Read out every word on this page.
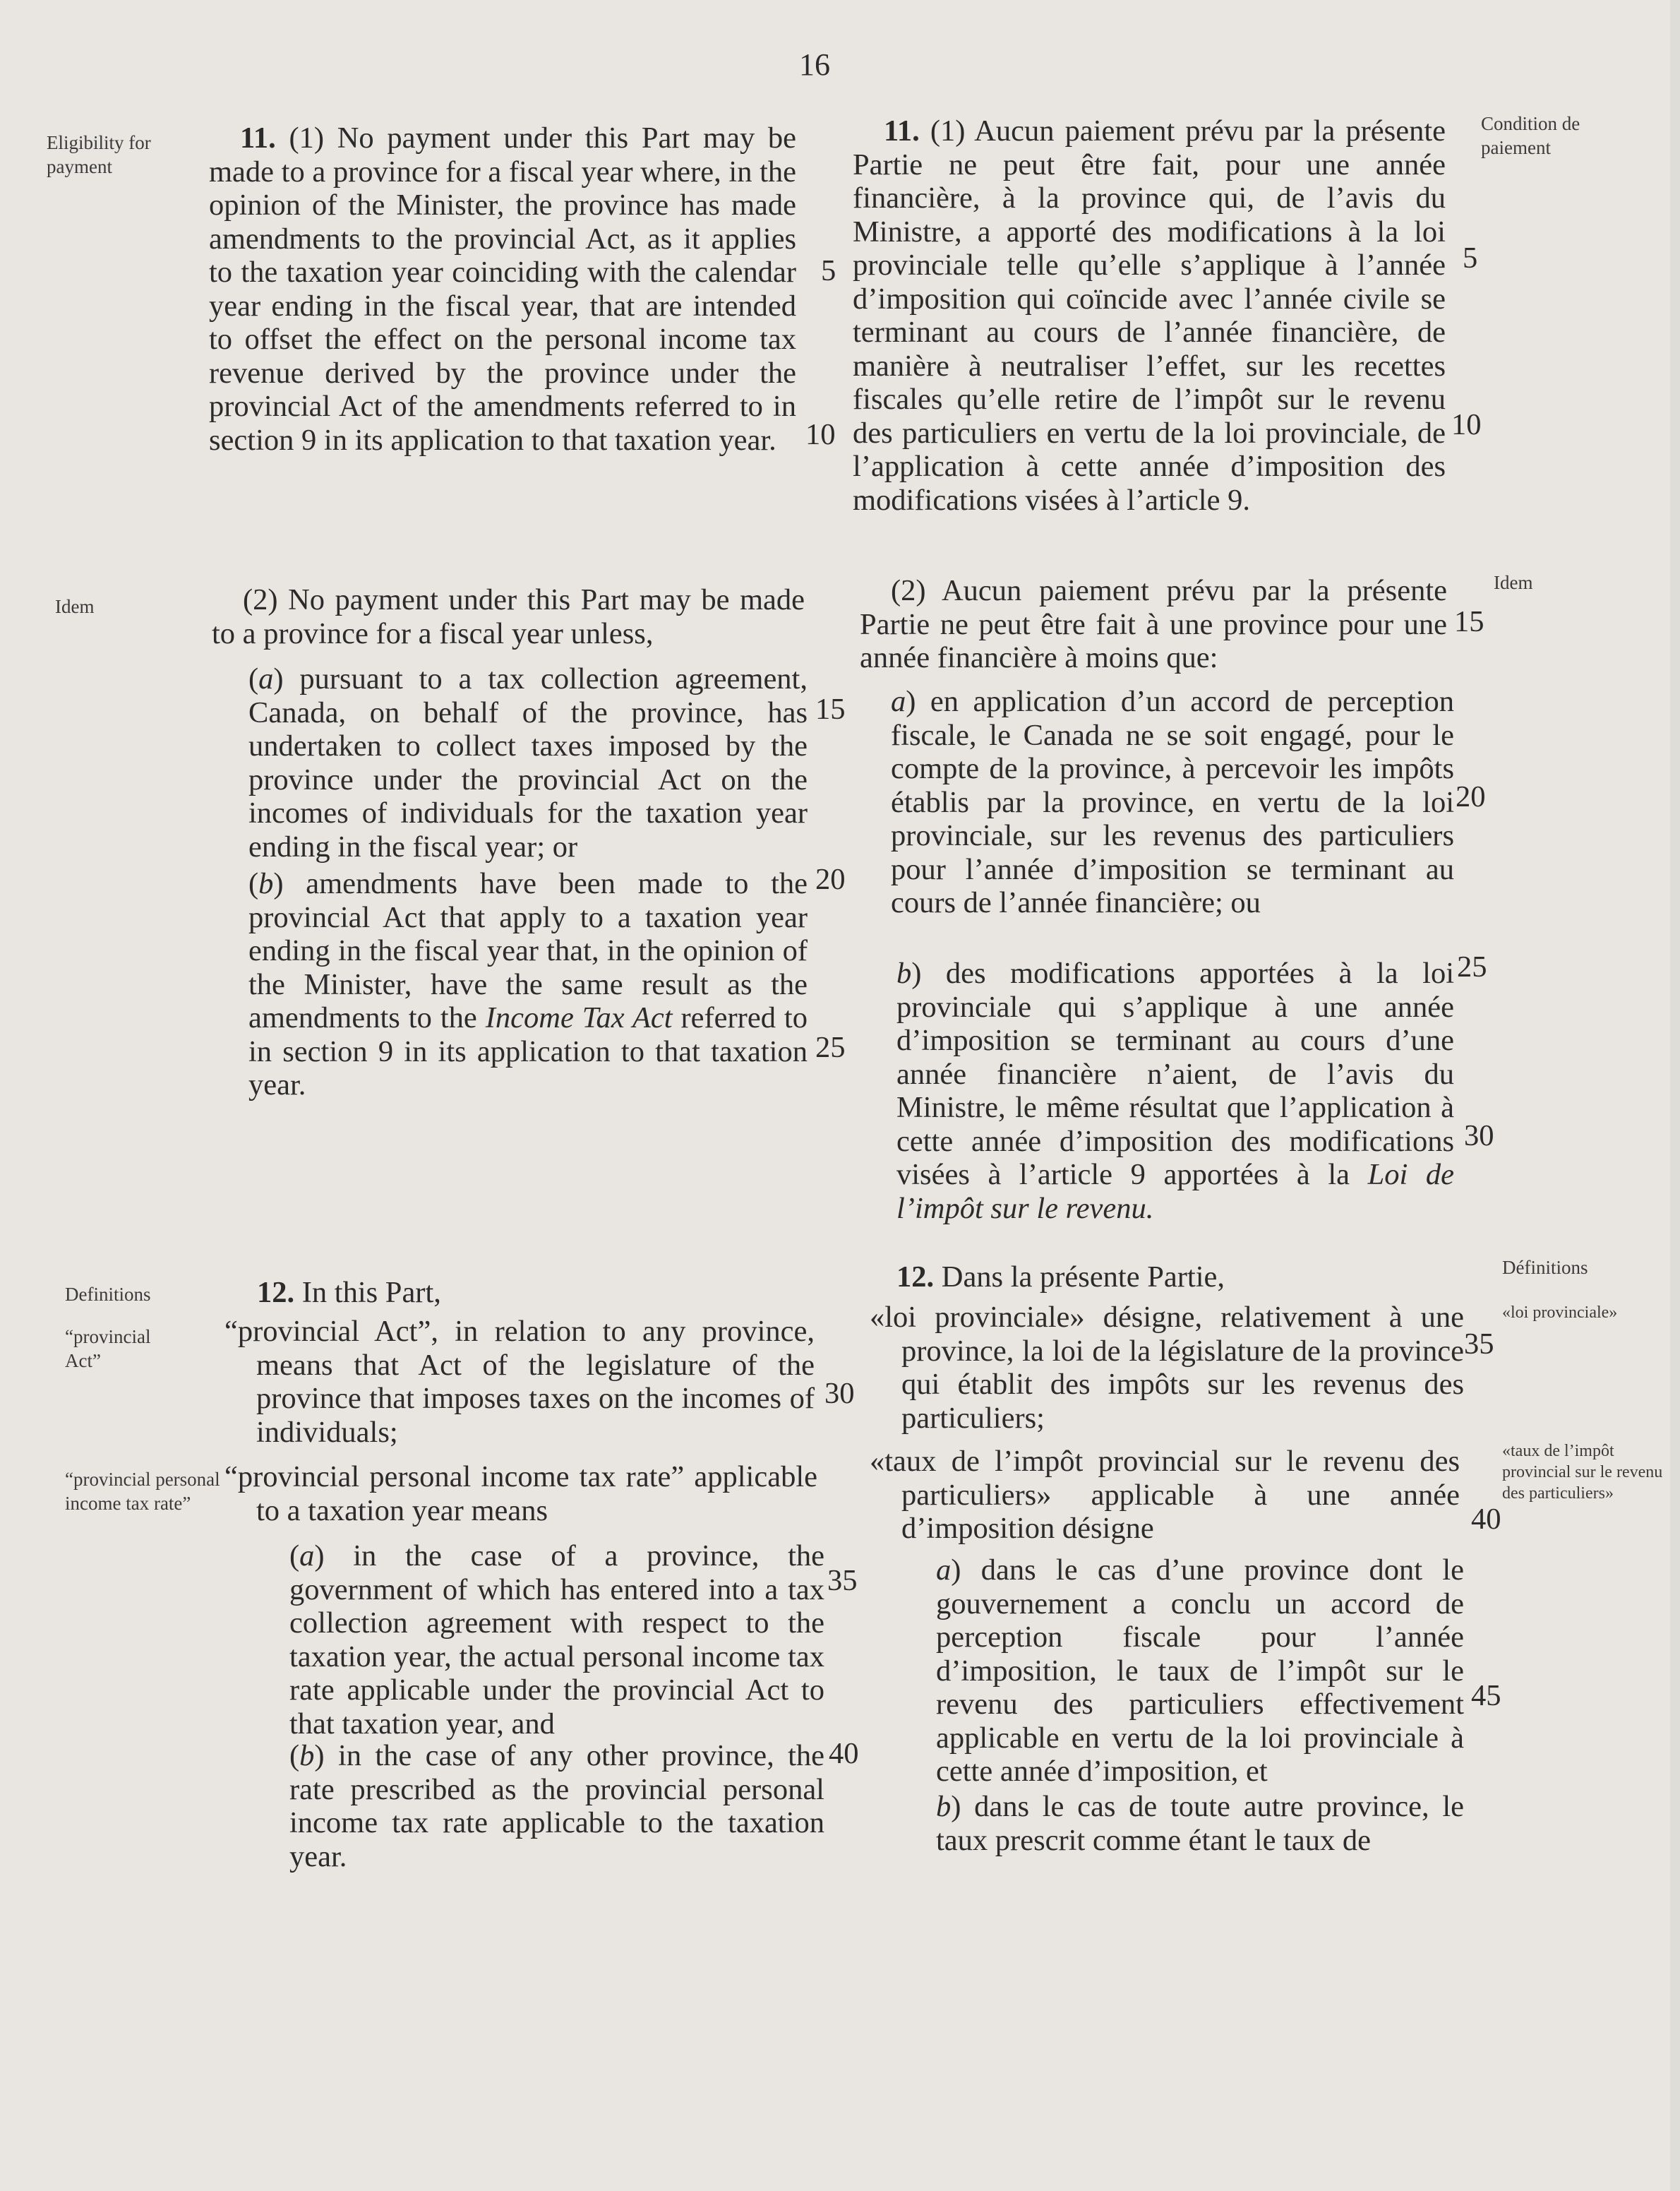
16
Eligibility for payment
Idem
Definitions
“provincial Act”
“provincial personal income tax rate”

11. (1) No payment under this Part may be made to a province for a fiscal year where, in the opinion of the Minister, the province has made amendments to the provincial Act, as it applies to the taxation year coinciding with the calendar year ending in the fiscal year, that are intended to offset the effect on the personal income tax revenue derived by the province under the provincial Act of the amendments referred to in section 9 in its application to that taxation year.

(2) No payment under this Part may be made to a province for a fiscal year unless,

(a) pursuant to a tax collection agreement, Canada, on behalf of the province, has undertaken to collect taxes imposed by the province under the provincial Act on the incomes of individuals for the taxation year ending in the fiscal year; or

(b) amendments have been made to the provincial Act that apply to a taxation year ending in the fiscal year that, in the opinion of the Minister, have the same result as the amendments to the Income Tax Act referred to in section 9 in its application to that taxation year.

12. In this Part,

“provincial Act”, in relation to any province, means that Act of the legislature of the province that imposes taxes on the incomes of individuals;

“provincial personal income tax rate” applicable to a taxation year means

(a) in the case of a province, the government of which has entered into a tax collection agreement with respect to the taxation year, the actual personal income tax rate applicable under the provincial Act to that taxation year, and

(b) in the case of any other province, the rate prescribed as the provincial personal income tax rate applicable to the taxation year.

5
10
15
20
25
30
35
40

11. (1) Aucun paiement prévu par la présente Partie ne peut être fait, pour une année financière, à la province qui, de l’avis du Ministre, a apporté des modifications à la loi provinciale telle qu’elle s’applique à l’année d’imposition qui coïncide avec l’année civile se terminant au cours de l’année financière, de manière à neutraliser l’effet, sur les recettes fiscales qu’elle retire de l’impôt sur le revenu des particuliers en vertu de la loi provinciale, de l’application à cette année d’imposition des modifications visées à l’article 9.

(2) Aucun paiement prévu par la présente Partie ne peut être fait à une province pour une année financière à moins que:

a) en application d’un accord de perception fiscale, le Canada ne se soit engagé, pour le compte de la province, à percevoir les impôts établis par la province, en vertu de la loi provinciale, sur les revenus des particuliers pour l’année d’imposition se terminant au cours de l’année financière; ou

b) des modifications apportées à la loi provinciale qui s’applique à une année d’imposition se terminant au cours d’une année financière n’aient, de l’avis du Ministre, le même résultat que l’application à cette année d’imposition des modifications visées à l’article 9 apportées à la Loi de l’impôt sur le revenu.

12. Dans la présente Partie,

«loi provinciale» désigne, relativement à une province, la loi de la législature de la province qui établit des impôts sur les revenus des particuliers;

«taux de l’impôt provincial sur le revenu des particuliers» applicable à une année d’imposition désigne

a) dans le cas d’une province dont le gouvernement a conclu un accord de perception fiscale pour l’année d’imposition, le taux de l’impôt sur le revenu des particuliers effectivement applicable en vertu de la loi provinciale à cette année d’imposition, et

b) dans le cas de toute autre province, le taux prescrit comme étant le taux de

5
10
15
20
25
30
35
40
45
Condition de paiement
Idem
Définitions
«loi provinciale»
«taux de l’impôt provincial sur le revenu des particuliers»
